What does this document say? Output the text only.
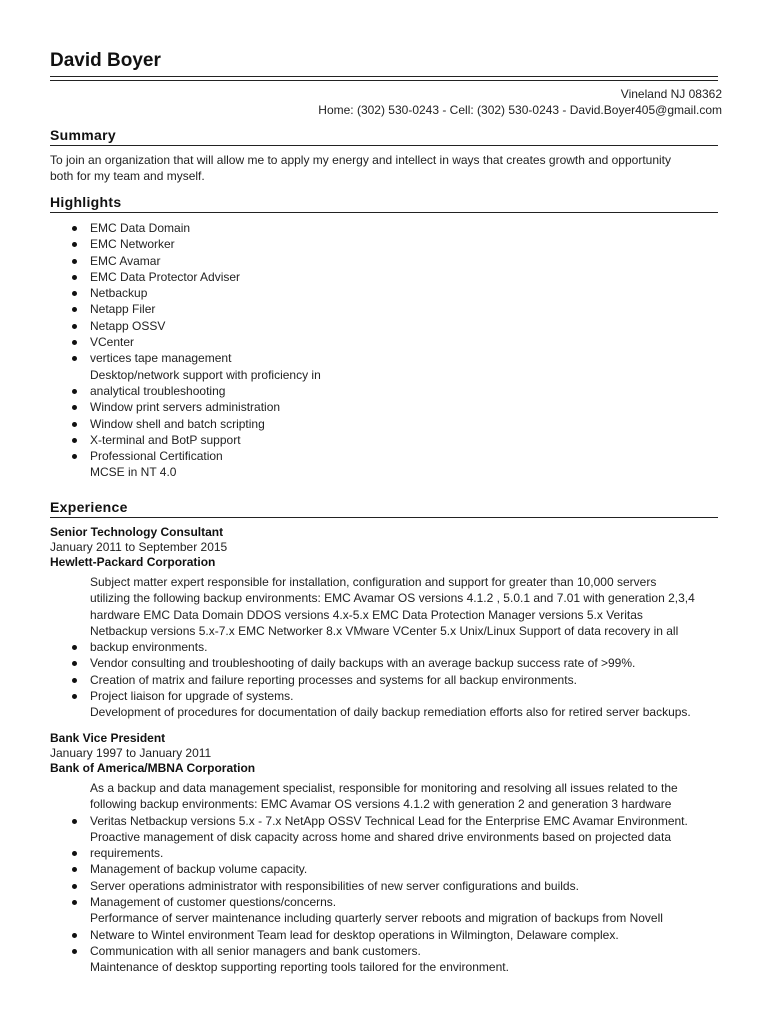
David Boyer
Vineland NJ 08362
Home: (302) 530-0243 - Cell: (302) 530-0243 - David.Boyer405@gmail.com
Summary
To join an organization that will allow me to apply my energy and intellect in ways that creates growth and opportunity
both for my team and myself.
Highlights
EMC Data Domain
EMC Networker
EMC Avamar
EMC Data Protector Adviser
Netbackup
Netapp Filer
Netapp OSSV
VCenter
vertices tape management
Desktop/network support with proficiency in
analytical troubleshooting
Window print servers administration
Window shell and batch scripting
X-terminal and BotP support
Professional Certification
MCSE in NT 4.0
Experience
Senior Technology Consultant
January 2011 to September 2015
Hewlett-Packard Corporation
Subject matter expert responsible for installation, configuration and support for greater than 10,000 servers
utilizing the following backup environments: EMC Avamar OS versions 4.1.2 , 5.0.1 and 7.01 with generation 2,3,4
hardware EMC Data Domain DDOS versions 4.x-5.x EMC Data Protection Manager versions 5.x Veritas
Netbackup versions 5.x-7.x EMC Networker 8.x VMware VCenter 5.x Unix/Linux Support of data recovery in all
backup environments.
Vendor consulting and troubleshooting of daily backups with an average backup success rate of >99%.
Creation of matrix and failure reporting processes and systems for all backup environments.
Project liaison for upgrade of systems.
Development of procedures for documentation of daily backup remediation efforts also for retired server backups.
Bank Vice President
January 1997 to January 2011
Bank of America/MBNA Corporation
As a backup and data management specialist, responsible for monitoring and resolving all issues related to the
following backup environments: EMC Avamar OS versions 4.1.2 with generation 2 and generation 3 hardware
Veritas Netbackup versions 5.x - 7.x NetApp OSSV Technical Lead for the Enterprise EMC Avamar Environment.
Proactive management of disk capacity across home and shared drive environments based on projected data
requirements.
Management of backup volume capacity.
Server operations administrator with responsibilities of new server configurations and builds.
Management of customer questions/concerns.
Performance of server maintenance including quarterly server reboots and migration of backups from Novell
Netware to Wintel environment Team lead for desktop operations in Wilmington, Delaware complex.
Communication with all senior managers and bank customers.
Maintenance of desktop supporting reporting tools tailored for the environment.
